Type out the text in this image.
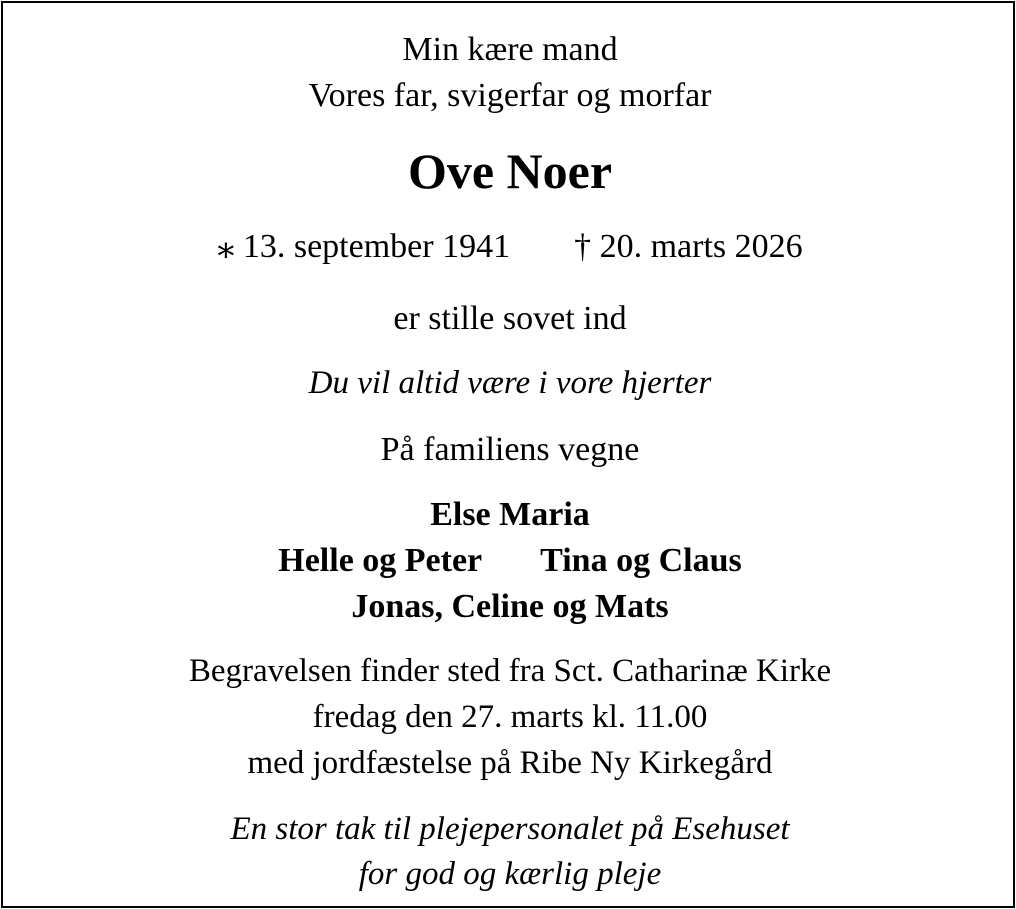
Min kære mand
Vores far, svigerfar og morfar
Ove Noer
⁎ 13. september 1941 † 20. marts 2026
er stille sovet ind
Du vil altid være i vore hjerter
På familiens vegne
Else Maria
Helle og Peter Tina og Claus
Jonas, Celine og Mats
Begravelsen finder sted fra Sct. Catharinæ Kirke
fredag den 27. marts kl. 11.00
med jordfæstelse på Ribe Ny Kirkegård
En stor tak til plejepersonalet på Esehuset
for god og kærlig pleje
